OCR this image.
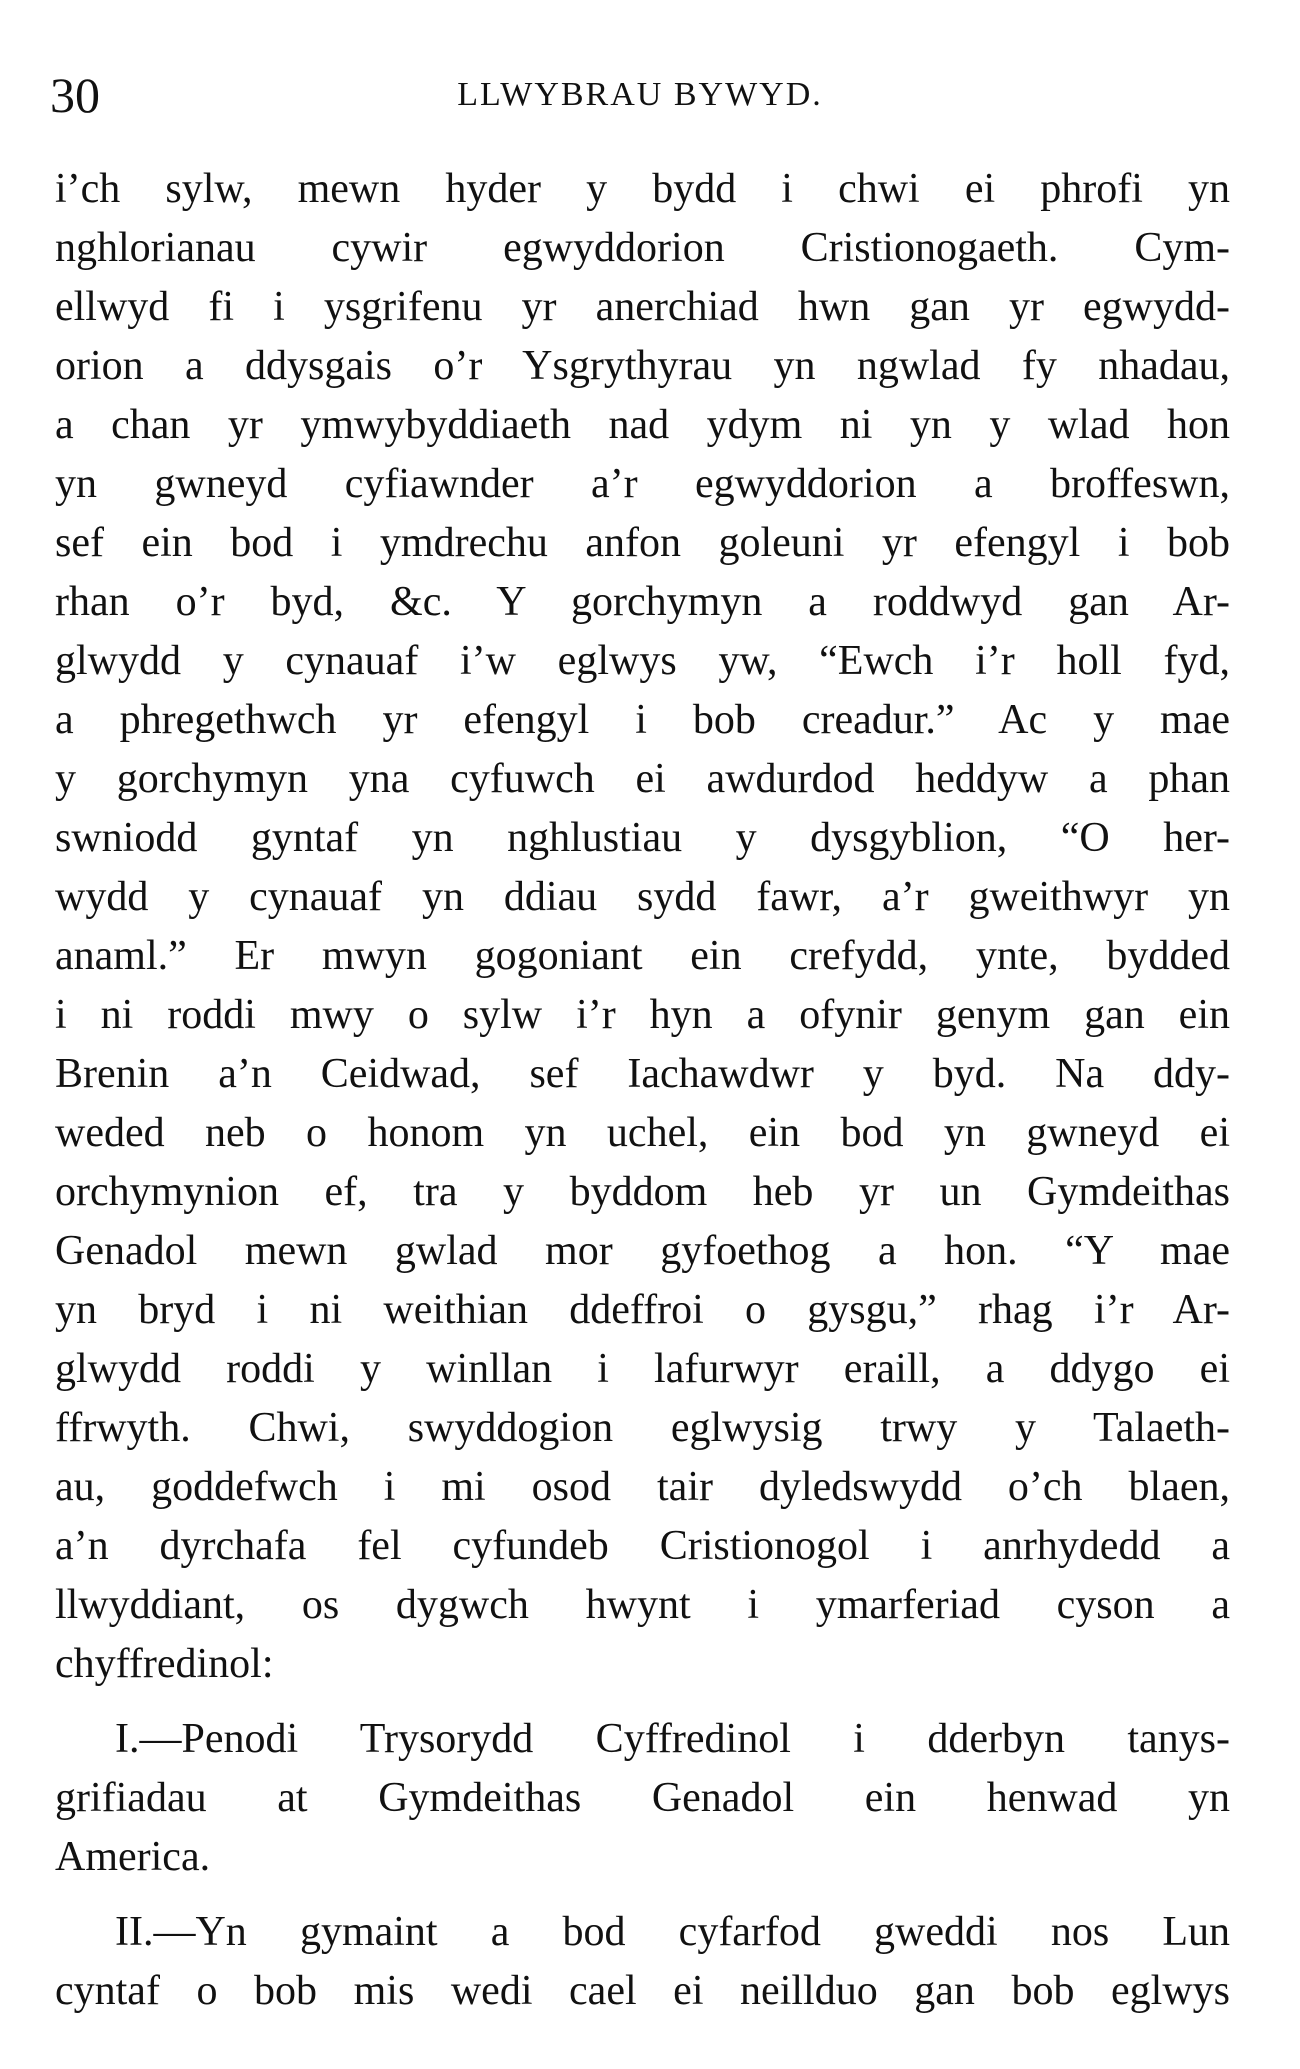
30	LLWYBRAU BYWYD.
i’ch sylw, mewn hyder y bydd i chwi ei phrofi yn
nghlorianau cywir egwyddorion Cristionogaeth. Cym-
ellwyd fi i ysgrifenu yr anerchiad hwn gan yr egwydd-
orion a ddysgais o’r Ysgrythyrau yn ngwlad fy nhadau,
a chan yr ymwybyddiaeth nad ydym ni yn y wlad hon
yn gwneyd cyfiawnder a’r egwyddorion a broffeswn,
sef ein bod i ymdrechu anfon goleuni yr efengyl i bob
rhan o’r byd, &c. Y gorchymyn a roddwyd gan Ar-
glwydd y cynauaf i’w eglwys yw, “Ewch i’r holl fyd,
a phregethwch yr efengyl i bob creadur.” Ac y mae
y gorchymyn yna cyfuwch ei awdurdod heddyw a phan
swniodd gyntaf yn nghlustiau y dysgyblion, “O her-
wydd y cynauaf yn ddiau sydd fawr, a’r gweithwyr yn
anaml.” Er mwyn gogoniant ein crefydd, ynte, bydded
i ni roddi mwy o sylw i’r hyn a ofynir genym gan ein
Brenin a’n Ceidwad, sef Iachawdwr y byd. Na ddy-
weded neb o honom yn uchel, ein bod yn gwneyd ei
orchymynion ef, tra y byddom heb yr un Gymdeithas
Genadol mewn gwlad mor gyfoethog a hon. “Y mae
yn bryd i ni weithian ddeffroi o gysgu,” rhag i’r Ar-
glwydd roddi y winllan i lafurwyr eraill, a ddygo ei
ffrwyth. Chwi, swyddogion eglwysig trwy y Talaeth-
au, goddefwch i mi osod tair dyledswydd o’ch blaen,
a’n dyrchafa fel cyfundeb Cristionogol i anrhydedd a
llwyddiant, os dygwch hwynt i ymarferiad cyson a
chyffredinol:
I.—Penodi Trysorydd Cyffredinol i dderbyn tanys-
grifiadau at Gymdeithas Genadol ein henwad yn
America.
II.—Yn gymaint a bod cyfarfod gweddi nos Lun
cyntaf o bob mis wedi cael ei neillduo gan bob eglwys
